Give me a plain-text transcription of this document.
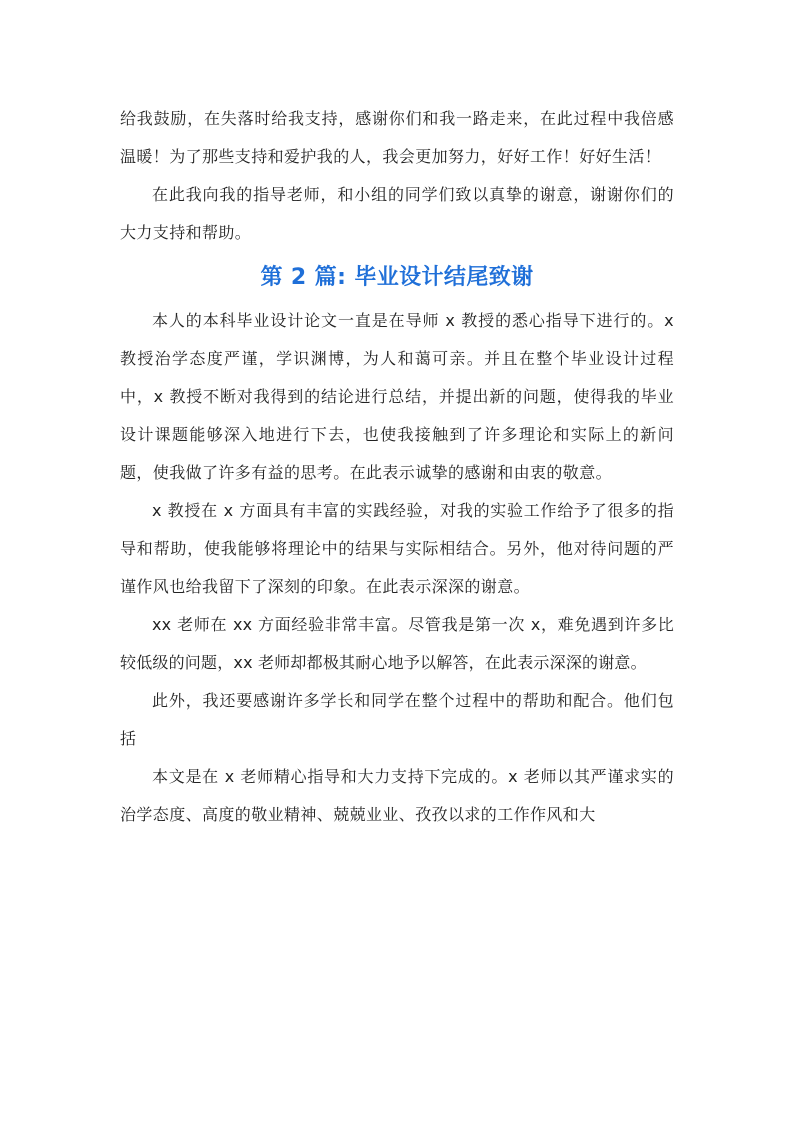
给我鼓励，在失落时给我支持，感谢你们和我一路走来，在此过程中我倍感温暖！为了那些支持和爱护我的人，我会更加努力，好好工作！好好生活！

在此我向我的指导老师，和小组的同学们致以真挚的谢意，谢谢你们的大力支持和帮助。

第 2 篇: 毕业设计结尾致谢

本人的本科毕业设计论文一直是在导师 x 教授的悉心指导下进行的。x 教授治学态度严谨，学识渊博，为人和蔼可亲。并且在整个毕业设计过程中，x 教授不断对我得到的结论进行总结，并提出新的问题，使得我的毕业设计课题能够深入地进行下去，也使我接触到了许多理论和实际上的新问题，使我做了许多有益的思考。在此表示诚挚的感谢和由衷的敬意。

x 教授在 x 方面具有丰富的实践经验，对我的实验工作给予了很多的指导和帮助，使我能够将理论中的结果与实际相结合。另外，他对待问题的严谨作风也给我留下了深刻的印象。在此表示深深的谢意。

xx 老师在 xx 方面经验非常丰富。尽管我是第一次 x，难免遇到许多比较低级的问题，xx 老师却都极其耐心地予以解答，在此表示深深的谢意。

此外，我还要感谢许多学长和同学在整个过程中的帮助和配合。他们包括

本文是在 x 老师精心指导和大力支持下完成的。x 老师以其严谨求实的治学态度、高度的敬业精神、兢兢业业、孜孜以求的工作作风和大
